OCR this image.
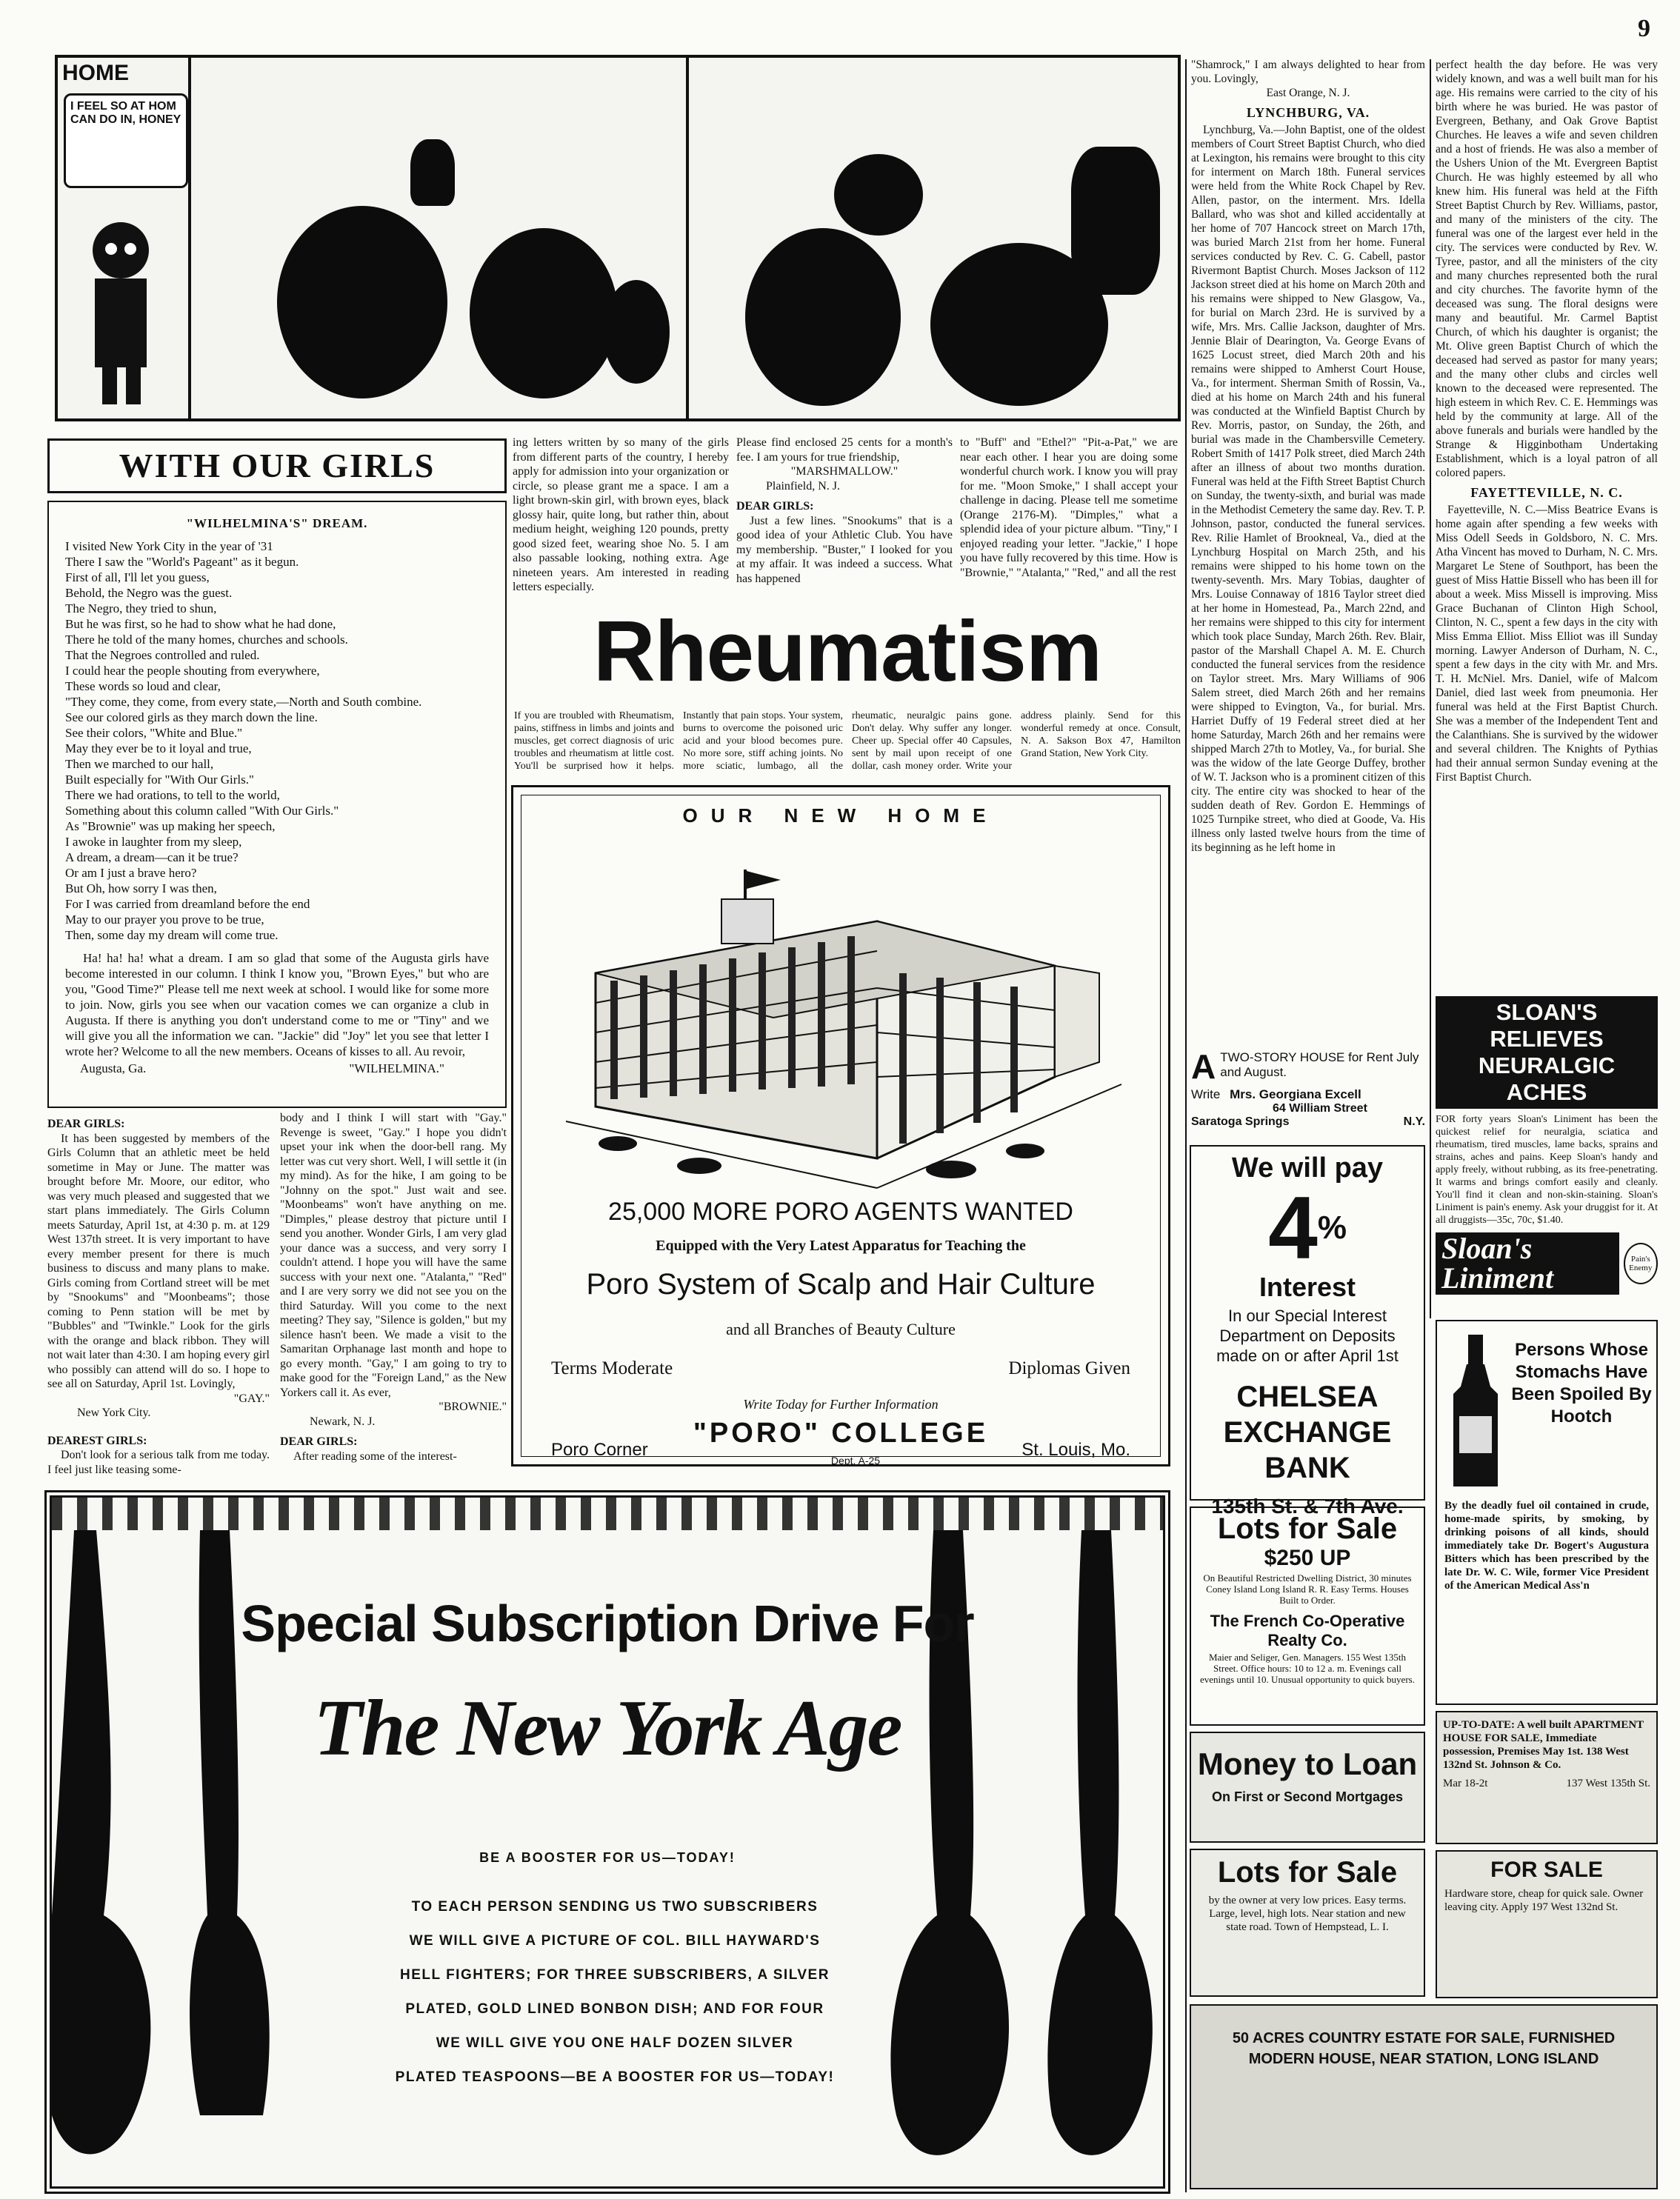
9
HOME
I FEEL SO AT HOM CAN DO IN, HONEY
WITH OUR GIRLS
"WILHELMINA'S" DREAM.
I visited New York City in the year of '31
There I saw the "World's Pageant" as it begun.
First of all, I'll let you guess,
Behold, the Negro was the guest.
The Negro, they tried to shun,
But he was first, so he had to show what he had done,
There he told of the many homes, churches and schools.
That the Negroes controlled and ruled.
I could hear the people shouting from everywhere,
These words so loud and clear,
"They come, they come, from every state,—North and South combine.
See our colored girls as they march down the line.
See their colors, "White and Blue."
May they ever be to it loyal and true,
Then we marched to our hall,
Built especially for "With Our Girls."
There we had orations, to tell to the world,
Something about this column called "With Our Girls."
As "Brownie" was up making her speech,
I awoke in laughter from my sleep,
A dream, a dream—can it be true?
Or am I just a brave hero?
But Oh, how sorry I was then,
For I was carried from dreamland before the end
May to our prayer you prove to be true,
Then, some day my dream will come true.
Ha! ha! ha! what a dream. I am so glad that some of the Augusta girls have become interested in our column. I think I know you, "Brown Eyes," but who are you, "Good Time?" Please tell me next week at school. I would like for some more to join. Now, girls you see when our vacation comes we can organize a club in Augusta. If there is anything you don't understand come to me or "Tiny" and we will give you all the information we can. "Jackie" did "Joy" let you see that letter I wrote her? Welcome to all the new members. Oceans of kisses to all. Au revoir,
Augusta, Ga.	"WILHELMINA."

DEAR GIRLS:

It has been suggested by members of the Girls Column that an athletic meet be held sometime in May or June. The matter was brought before Mr. Moore, our editor, who was very much pleased and suggested that we start plans immediately. The Girls Column meets Saturday, April 1st, at 4:30 p. m. at 129 West 137th street. It is very important to have every member present for there is much business to discuss and many plans to make. Girls coming from Cortland street will be met by "Snookums" and "Moonbeams"; those coming to Penn station will be met by "Bubbles" and "Twinkle." Look for the girls with the orange and black ribbon. They will not wait later than 4:30. I am hoping every girl who possibly can attend will do so. I hope to see all on Saturday, April 1st. Lovingly,

"GAY."

New York City.

DEAREST GIRLS:

Don't look for a serious talk from me today. I feel just like teasing some-

body and I think I will start with "Gay." Revenge is sweet, "Gay." I hope you didn't upset your ink when the door-bell rang. My letter was cut very short. Well, I will settle it (in my mind). As for the hike, I am going to be "Johnny on the spot." Just wait and see. "Moonbeams" won't have anything on me. "Dimples," please destroy that picture until I send you another. Wonder Girls, I am very glad your dance was a success, and very sorry I couldn't attend. I hope you will have the same success with your next one. "Atalanta," "Red" and I are very sorry we did not see you on the third Saturday. Will you come to the next meeting? They say, "Silence is golden," but my silence hasn't been. We made a visit to the Samaritan Orphanage last month and hope to go every month. "Gay," I am going to try to make good for the "Foreign Land," as the New Yorkers call it. As ever,

"BROWNIE."

Newark, N. J.

DEAR GIRLS:

After reading some of the interest-

ing letters written by so many of the girls from different parts of the country, I hereby apply for admission into your organization or circle, so please grant me a space. I am a light brown-skin girl, with brown eyes, black glossy hair, quite long, but rather thin, about medium height, weighing 120 pounds, pretty good sized feet, wearing shoe No. 5. I am also passable looking, nothing extra. Age nineteen years. Am interested in reading letters especially.

Please find enclosed 25 cents for a month's fee. I am yours for true friendship,

"MARSHMALLOW."

Plainfield, N. J.

DEAR GIRLS:

Just a few lines. "Snookums" that is a good idea of your Athletic Club. You have my membership. "Buster," I looked for you at my affair. It was indeed a success. What has happened

to "Buff" and "Ethel?" "Pit-a-Pat," we are near each other. I hear you are doing some wonderful church work. I know you will pray for me. "Moon Smoke," I shall accept your challenge in dacing. Please tell me sometime (Orange 2176-M). "Dimples," what a splendid idea of your picture album. "Tiny," I enjoyed reading your letter. "Jackie," I hope you have fully recovered by this time. How is "Brownie," "Atalanta," "Red," and all the rest

Rheumatism
If you are troubled with Rheumatism, pains, stiffness in limbs and joints and muscles, get correct diagnosis of uric troubles and rheumatism at little cost. You'll be surprised how it helps. Instantly that pain stops. Your system, burns to overcome the poisoned uric acid and your blood becomes pure. No more sore, stiff aching joints. No more sciatic, lumbago, all the rheumatic, neuralgic pains gone. Don't delay. Why suffer any longer. Cheer up. Special offer 40 Capsules, sent by mail upon receipt of one dollar, cash money order. Write your address plainly. Send for this wonderful remedy at once. Consult, N. A. Sakson Box 47, Hamilton Grand Station, New York City.
OUR NEW HOME
25,000 MORE PORO AGENTS WANTED
Equipped with the Very Latest Apparatus for Teaching the
Poro System of Scalp and Hair Culture
and all Branches of Beauty Culture
Terms Moderate	Diplomas Given
Write Today for Further Information
"PORO" COLLEGE
Poro Corner
Dept. A-25
St. Louis, Mo.
Special Subscription Drive For
The New York Age
BE A BOOSTER FOR US—TODAY!
TO EACH PERSON SENDING US TWO SUBSCRIBERS
WE WILL GIVE A PICTURE OF COL. BILL HAYWARD'S
HELL FIGHTERS; FOR THREE SUBSCRIBERS, A SILVER
PLATED, GOLD LINED BONBON DISH; AND FOR FOUR
WE WILL GIVE YOU ONE HALF DOZEN SILVER
PLATED TEASPOONS—BE A BOOSTER FOR US—TODAY!

"Shamrock," I am always delighted to hear from you. Lovingly,

East Orange, N. J.

LYNCHBURG, VA.

Lynchburg, Va.—John Baptist, one of the oldest members of Court Street Baptist Church, who died at Lexington, his remains were brought to this city for interment on March 18th. Funeral services were held from the White Rock Chapel by Rev. Allen, pastor, on the interment. Mrs. Idella Ballard, who was shot and killed accidentally at her home of 707 Hancock street on March 17th, was buried March 21st from her home. Funeral services conducted by Rev. C. G. Cabell, pastor Rivermont Baptist Church. Moses Jackson of 112 Jackson street died at his home on March 20th and his remains were shipped to New Glasgow, Va., for burial on March 23rd. He is survived by a wife, Mrs. Mrs. Callie Jackson, daughter of Mrs. Jennie Blair of Dearington, Va. George Evans of 1625 Locust street, died March 20th and his remains were shipped to Amherst Court House, Va., for interment. Sherman Smith of Rossin, Va., died at his home on March 24th and his funeral was conducted at the Winfield Baptist Church by Rev. Morris, pastor, on Sunday, the 26th, and burial was made in the Chambersville Cemetery. Robert Smith of 1417 Polk street, died March 24th after an illness of about two months duration. Funeral was held at the Fifth Street Baptist Church on Sunday, the twenty-sixth, and burial was made in the Methodist Cemetery the same day. Rev. T. P. Johnson, pastor, conducted the funeral services. Rev. Rilie Hamlet of Brookneal, Va., died at the Lynchburg Hospital on March 25th, and his remains were shipped to his home town on the twenty-seventh. Mrs. Mary Tobias, daughter of Mrs. Louise Connaway of 1816 Taylor street died at her home in Homestead, Pa., March 22nd, and her remains were shipped to this city for interment which took place Sunday, March 26th. Rev. Blair, pastor of the Marshall Chapel A. M. E. Church conducted the funeral services from the residence on Taylor street. Mrs. Mary Williams of 906 Salem street, died March 26th and her remains were shipped to Evington, Va., for burial. Mrs. Harriet Duffy of 19 Federal street died at her home Saturday, March 26th and her remains were shipped March 27th to Motley, Va., for burial. She was the widow of the late George Duffey, brother of W. T. Jackson who is a prominent citizen of this city. The entire city was shocked to hear of the sudden death of Rev. Gordon E. Hemmings of 1025 Turnpike street, who died at Goode, Va. His illness only lasted twelve hours from the time of its beginning as he left home in

perfect health the day before. He was very widely known, and was a well built man for his age. His remains were carried to the city of his birth where he was buried. He was pastor of Evergreen, Bethany, and Oak Grove Baptist Churches. He leaves a wife and seven children and a host of friends. He was also a member of the Ushers Union of the Mt. Evergreen Baptist Church. He was highly esteemed by all who knew him. His funeral was held at the Fifth Street Baptist Church by Rev. Williams, pastor, and many of the ministers of the city. The funeral was one of the largest ever held in the city. The services were conducted by Rev. W. Tyree, pastor, and all the ministers of the city and many churches represented both the rural and city churches. The favorite hymn of the deceased was sung. The floral designs were many and beautiful. Mr. Carmel Baptist Church, of which his daughter is organist; the Mt. Olive green Baptist Church of which the deceased had served as pastor for many years; and the many other clubs and circles well known to the deceased were represented. The high esteem in which Rev. C. E. Hemmings was held by the community at large. All of the above funerals and burials were handled by the Strange & Higginbotham Undertaking Establishment, which is a loyal patron of all colored papers.

FAYETTEVILLE, N. C.

Fayetteville, N. C.—Miss Beatrice Evans is home again after spending a few weeks with Miss Odell Seeds in Goldsboro, N. C. Mrs. Atha Vincent has moved to Durham, N. C. Mrs. Margaret Le Stene of Southport, has been the guest of Miss Hattie Bissell who has been ill for about a week. Miss Missell is improving. Miss Grace Buchanan of Clinton High School, Clinton, N. C., spent a few days in the city with Miss Emma Elliot. Miss Elliot was ill Sunday morning. Lawyer Anderson of Durham, N. C., spent a few days in the city with Mr. and Mrs. T. H. McNiel. Mrs. Daniel, wife of Malcom Daniel, died last week from pneumonia. Her funeral was held at the First Baptist Church. She was a member of the Independent Tent and the Calanthians. She is survived by the widower and several children. The Knights of Pythias had their annual sermon Sunday evening at the First Baptist Church.

A TWO-STORY HOUSE for Rent July and August.
Write Mrs. Georgiana Excell
64 William Street
Saratoga Springs	N.Y.
We will pay
4%
Interest
In our Special Interest Department on Deposits made on or after April 1st
CHELSEA EXCHANGE BANK
135th St. & 7th Ave.
Lots for Sale
$250 UP
On Beautiful Restricted Dwelling District, 30 minutes Coney Island Long Island R. R. Easy Terms. Houses Built to Order.
The French Co-Operative Realty Co.
Maier and Seliger, Gen. Managers. 155 West 135th Street. Office hours: 10 to 12 a. m. Evenings call evenings until 10. Unusual opportunity to quick buyers.
Money to Loan
On First or Second Mortgages
Lots for Sale
by the owner at very low prices. Easy terms. Large, level, high lots. Near station and new state road. Town of Hempstead, L. I.
SLOAN'S RELIEVES NEURALGIC ACHES
FOR forty years Sloan's Liniment has been the quickest relief for neuralgia, sciatica and rheumatism, tired muscles, lame backs, sprains and strains, aches and pains. Keep Sloan's handy and apply freely, without rubbing, as its free-penetrating. It warms and brings comfort easily and cleanly. You'll find it clean and non-skin-staining. Sloan's Liniment is pain's enemy. Ask your druggist for it. At all druggists—35c, 70c, $1.40.
Sloan's Liniment
Pain's Enemy
Persons Whose Stomachs Have Been Spoiled By Hootch
By the deadly fuel oil contained in crude, home-made spirits, by smoking, by drinking poisons of all kinds, should immediately take Dr. Bogert's Augustura Bitters which has been prescribed by the late Dr. W. C. Wile, former Vice President of the American Medical Ass'n
UP-TO-DATE: A well built APARTMENT HOUSE FOR SALE, Immediate possession, Premises May 1st. 138 West 132nd St. Johnson & Co.
Mar 18-2t	137 West 135th St.
FOR SALE
Hardware store, cheap for quick sale. Owner leaving city. Apply 197 West 132nd St.
50 ACRES COUNTRY ESTATE FOR SALE, FURNISHED MODERN HOUSE, NEAR STATION, LONG ISLAND
